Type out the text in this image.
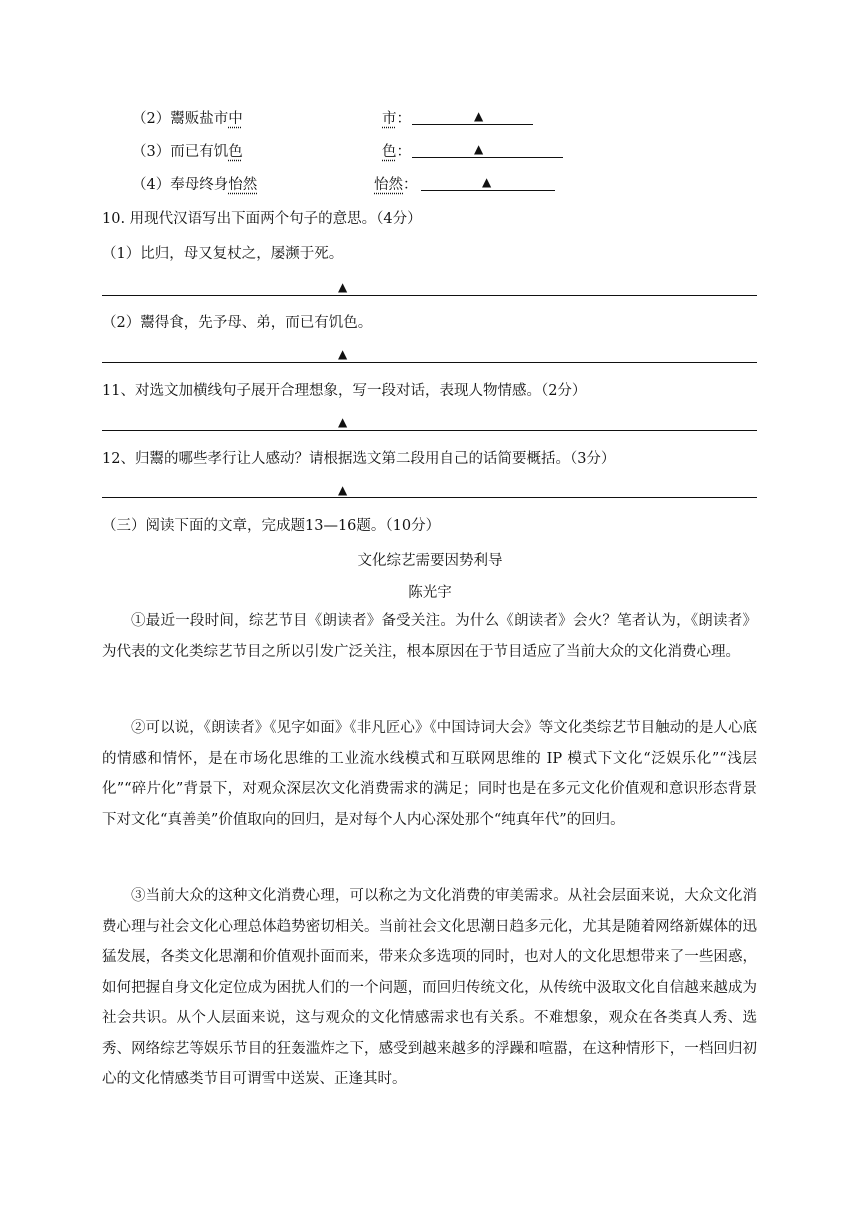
（2）鬻贩盐市中	市：	▲
（3）而已有饥色	色：	▲
（4）奉母终身怡然	怡然：	▲
10. 用现代汉语写出下面两个句子的意思。（4分）
（1）比归，母又复杖之，屡濒于死。
▲
（2）鬻得食，先予母、弟，而已有饥色。
▲
11、对选文加横线句子展开合理想象，写一段对话，表现人物情感。（2分）
▲
12、归鬻的哪些孝行让人感动？请根据选文第二段用自己的话简要概括。（3分）
▲
（三）阅读下面的文章，完成题13—16题。（10分）
文化综艺需要因势利导
陈光宇
①最近一段时间，综艺节目《朗读者》备受关注。为什么《朗读者》会火？笔者认为，《朗读者》为代表的文化类综艺节目之所以引发广泛关注，根本原因在于节目适应了当前大众的文化消费心理。
②可以说，《朗读者》《见字如面》《非凡匠心》《中国诗词大会》等文化类综艺节目触动的是人心底的情感和情怀，是在市场化思维的工业流水线模式和互联网思维的 IP 模式下文化“泛娱乐化”“浅层化”“碎片化”背景下，对观众深层次文化消费需求的满足；同时也是在多元文化价值观和意识形态背景下对文化“真善美”价值取向的回归，是对每个人内心深处那个“纯真年代”的回归。
③当前大众的这种文化消费心理，可以称之为文化消费的审美需求。从社会层面来说，大众文化消费心理与社会文化心理总体趋势密切相关。当前社会文化思潮日趋多元化，尤其是随着网络新媒体的迅猛发展，各类文化思潮和价值观扑面而来，带来众多选项的同时，也对人的文化思想带来了一些困惑，如何把握自身文化定位成为困扰人们的一个问题，而回归传统文化，从传统中汲取文化自信越来越成为社会共识。从个人层面来说，这与观众的文化情感需求也有关系。不难想象，观众在各类真人秀、选秀、网络综艺等娱乐节目的狂轰滥炸之下，感受到越来越多的浮躁和喧嚣，在这种情形下，一档回归初心的文化情感类节目可谓雪中送炭、正逢其时。
